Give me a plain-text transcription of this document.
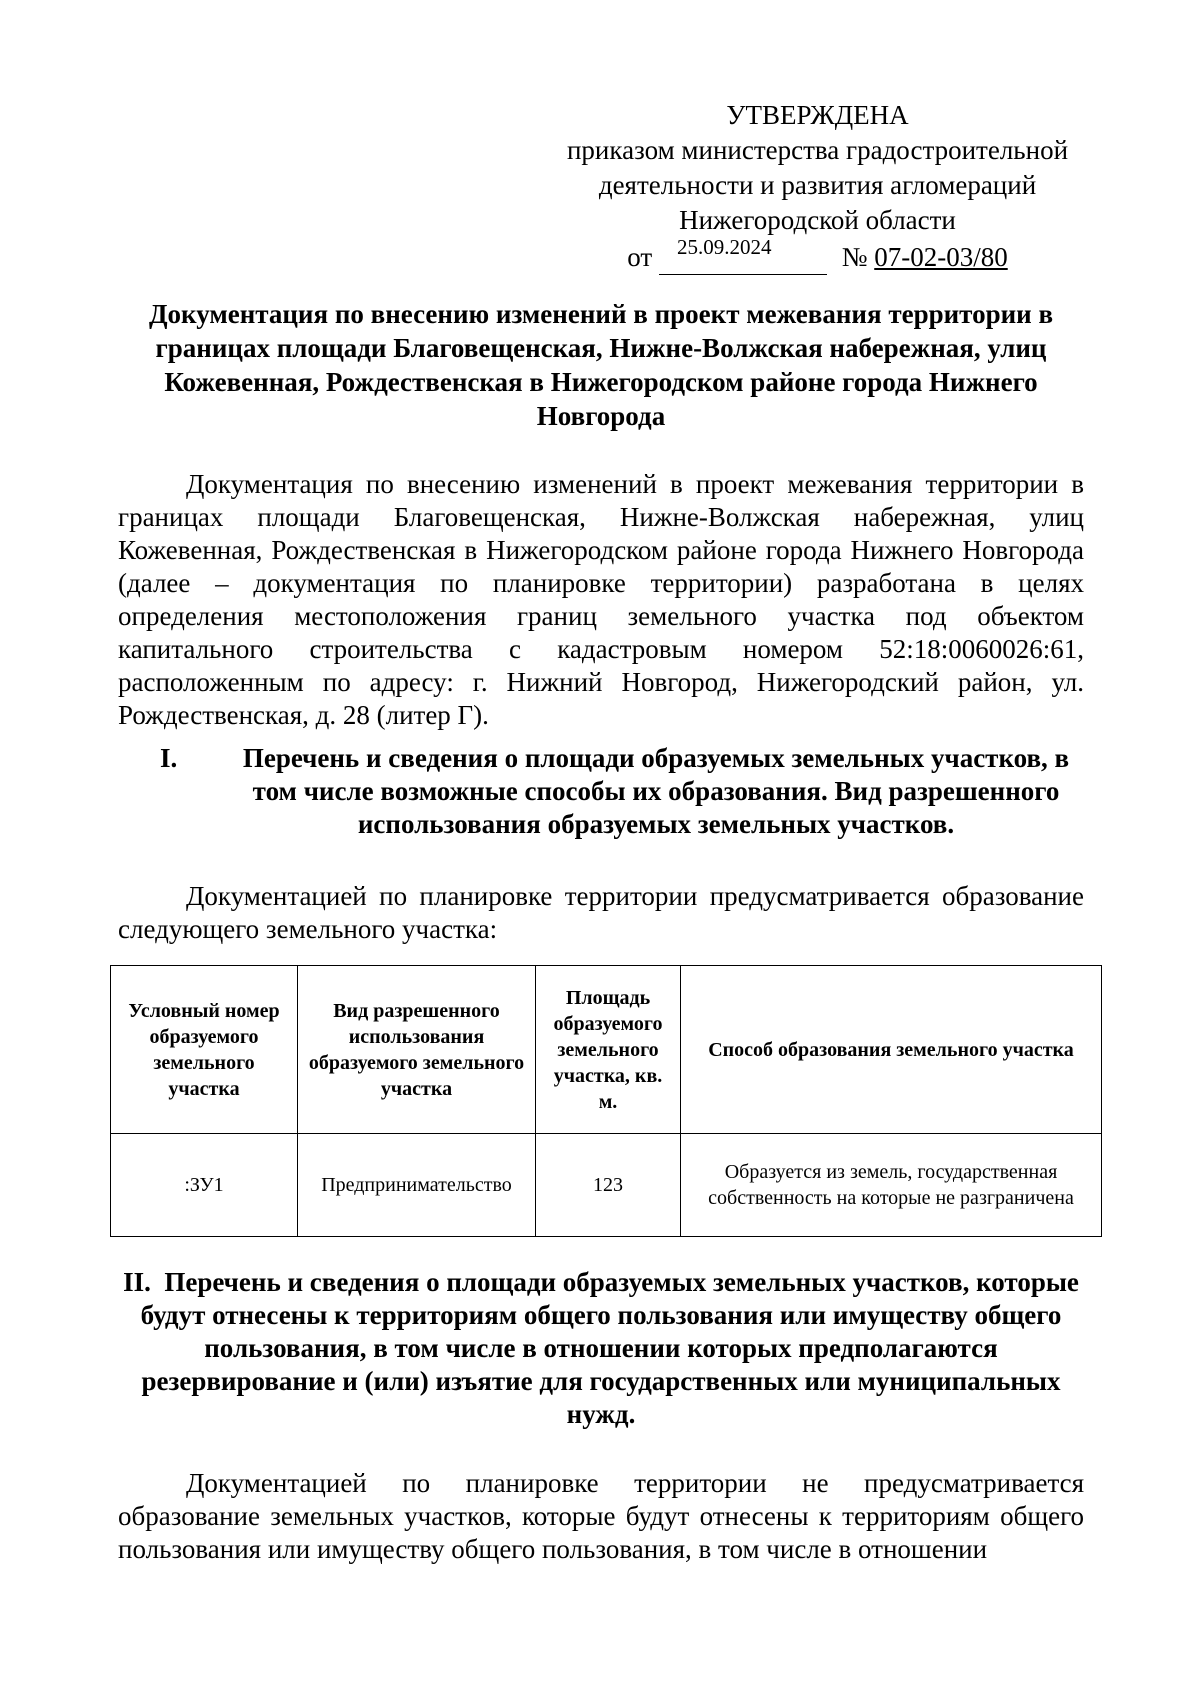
УТВЕРЖДЕНА
приказом министерства градостроительной
деятельности и развития агломераций
Нижегородской области
от 25.09.2024	№ 07-02-03/80
Документация по внесению изменений в проект межевания территории в границах площади Благовещенская, Нижне-Волжская набережная, улиц Кожевенная, Рождественская в Нижегородском районе города Нижнего Новгорода
Документация по внесению изменений в проект межевания территории в границах площади Благовещенская, Нижне-Волжская набережная, улиц Кожевенная, Рождественская в Нижегородском районе города Нижнего Новгорода (далее – документация по планировке территории) разработана в целях определения местоположения границ земельного участка под объектом капитального строительства с кадастровым номером 52:18:0060026:61, расположенным по адресу: г. Нижний Новгород, Нижегородский район, ул. Рождественская, д. 28 (литер Г).
I.	Перечень и сведения о площади образуемых земельных участков, в том числе возможные способы их образования. Вид разрешенного использования образуемых земельных участков.
Документацией по планировке территории предусматривается образование следующего земельного участка:
Условный номер образуемого земельного участка	Вид разрешенного использования образуемого земельного участка	Площадь образуемого земельного участка, кв. м.	Способ образования земельного участка
:ЗУ1	Предпринимательство	123	Образуется из земель, государственная собственность на которые не разграничена
II. Перечень и сведения о площади образуемых земельных участков, которые будут отнесены к территориям общего пользования или имуществу общего пользования, в том числе в отношении которых предполагаются резервирование и (или) изъятие для государственных или муниципальных нужд.
Документацией по планировке территории не предусматривается образование земельных участков, которые будут отнесены к территориям общего пользования или имуществу общего пользования, в том числе в отношении
